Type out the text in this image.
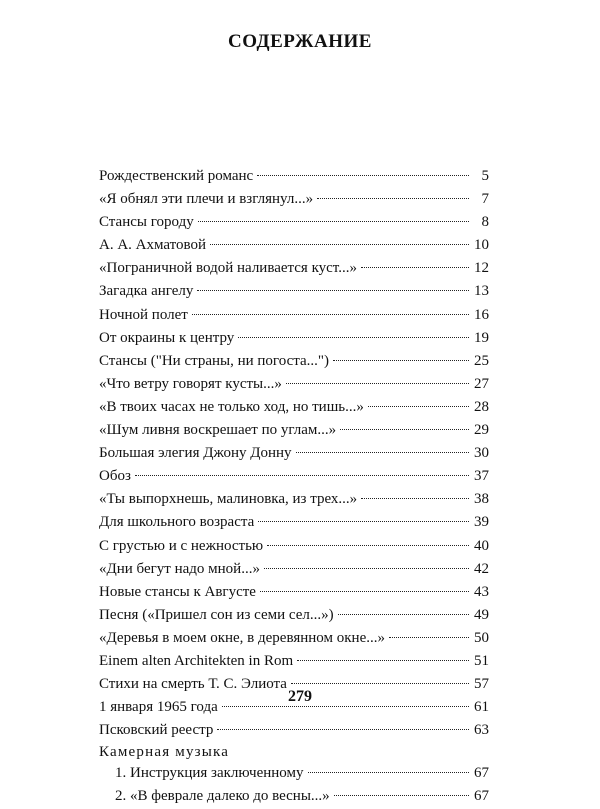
СОДЕРЖАНИЕ
Рождественский романс	5
«Я обнял эти плечи и взглянул...»	7
Стансы городу	8
А. А. Ахматовой	10
«Пограничной водой наливается куст...»	12
Загадка ангелу	13
Ночной полет	16
От окраины к центру	19
Стансы ("Ни страны, ни погоста...")	25
«Что ветру говорят кусты...»	27
«В твоих часах не только ход, но тишь...»	28
«Шум ливня воскрешает по углам...»	29
Большая элегия Джону Донну	30
Обоз	37
«Ты выпорхнешь, малиновка, из трех...»	38
Для школьного возраста	39
С грустью и с нежностью	40
«Дни бегут надо мной...»	42
Новые стансы к Августе	43
Песня («Пришел сон из семи сел...»)	49
«Деревья в моем окне, в деревянном окне...»	50
Einem alten Architekten in Rom	51
Стихи на смерть Т. С. Элиота	57
1 января 1965 года	61
Псковский реестр	63
Камерная музыка
1. Инструкция заключенному	67
2. «В феврале далеко до весны...»	67
279
